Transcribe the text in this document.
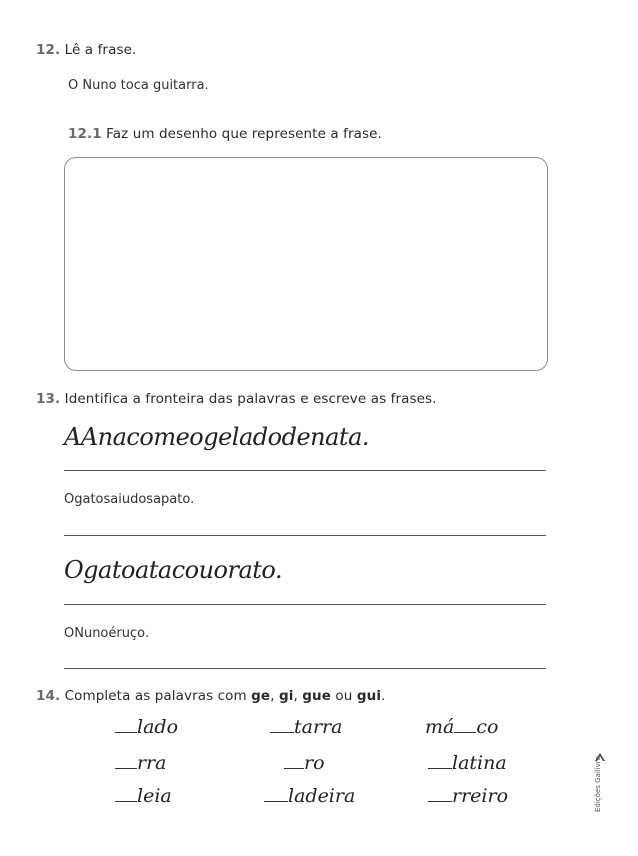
12. Lê a frase.
O Nuno toca guitarra.
12.1 Faz um desenho que represente a frase.
13. Identifica a fronteira das palavras e escreve as frases.
AAnacomeogeladodenata.
Ogatosaiudosapato.
Ogatoatacouorato.
ONunoéruço.
14. Completa as palavras com ge, gi, gue ou gui.
lado	tarra	má co
rra	ro	latina
leia	ladeira	rreiro	Edições Gailivro
